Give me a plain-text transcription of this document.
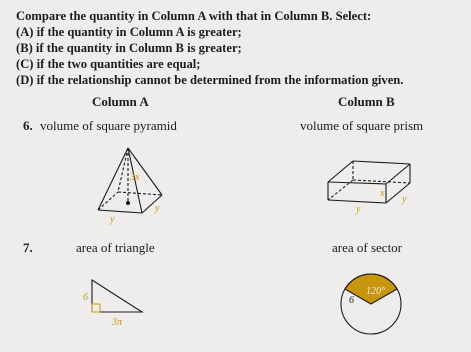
Compare the quantity in Column A with that in Column B. Select:
(A) if the quantity in Column A is greater;
(B) if the quantity in Column B is greater;
(C) if the two quantities are equal;
(D) if the relationship cannot be determined from the information given.
Column A	Column B
6. volume of square pyramid	volume of square prism
3x
y
y
x
y
y
7.	area of triangle	area of sector
6
3π
120°
6
